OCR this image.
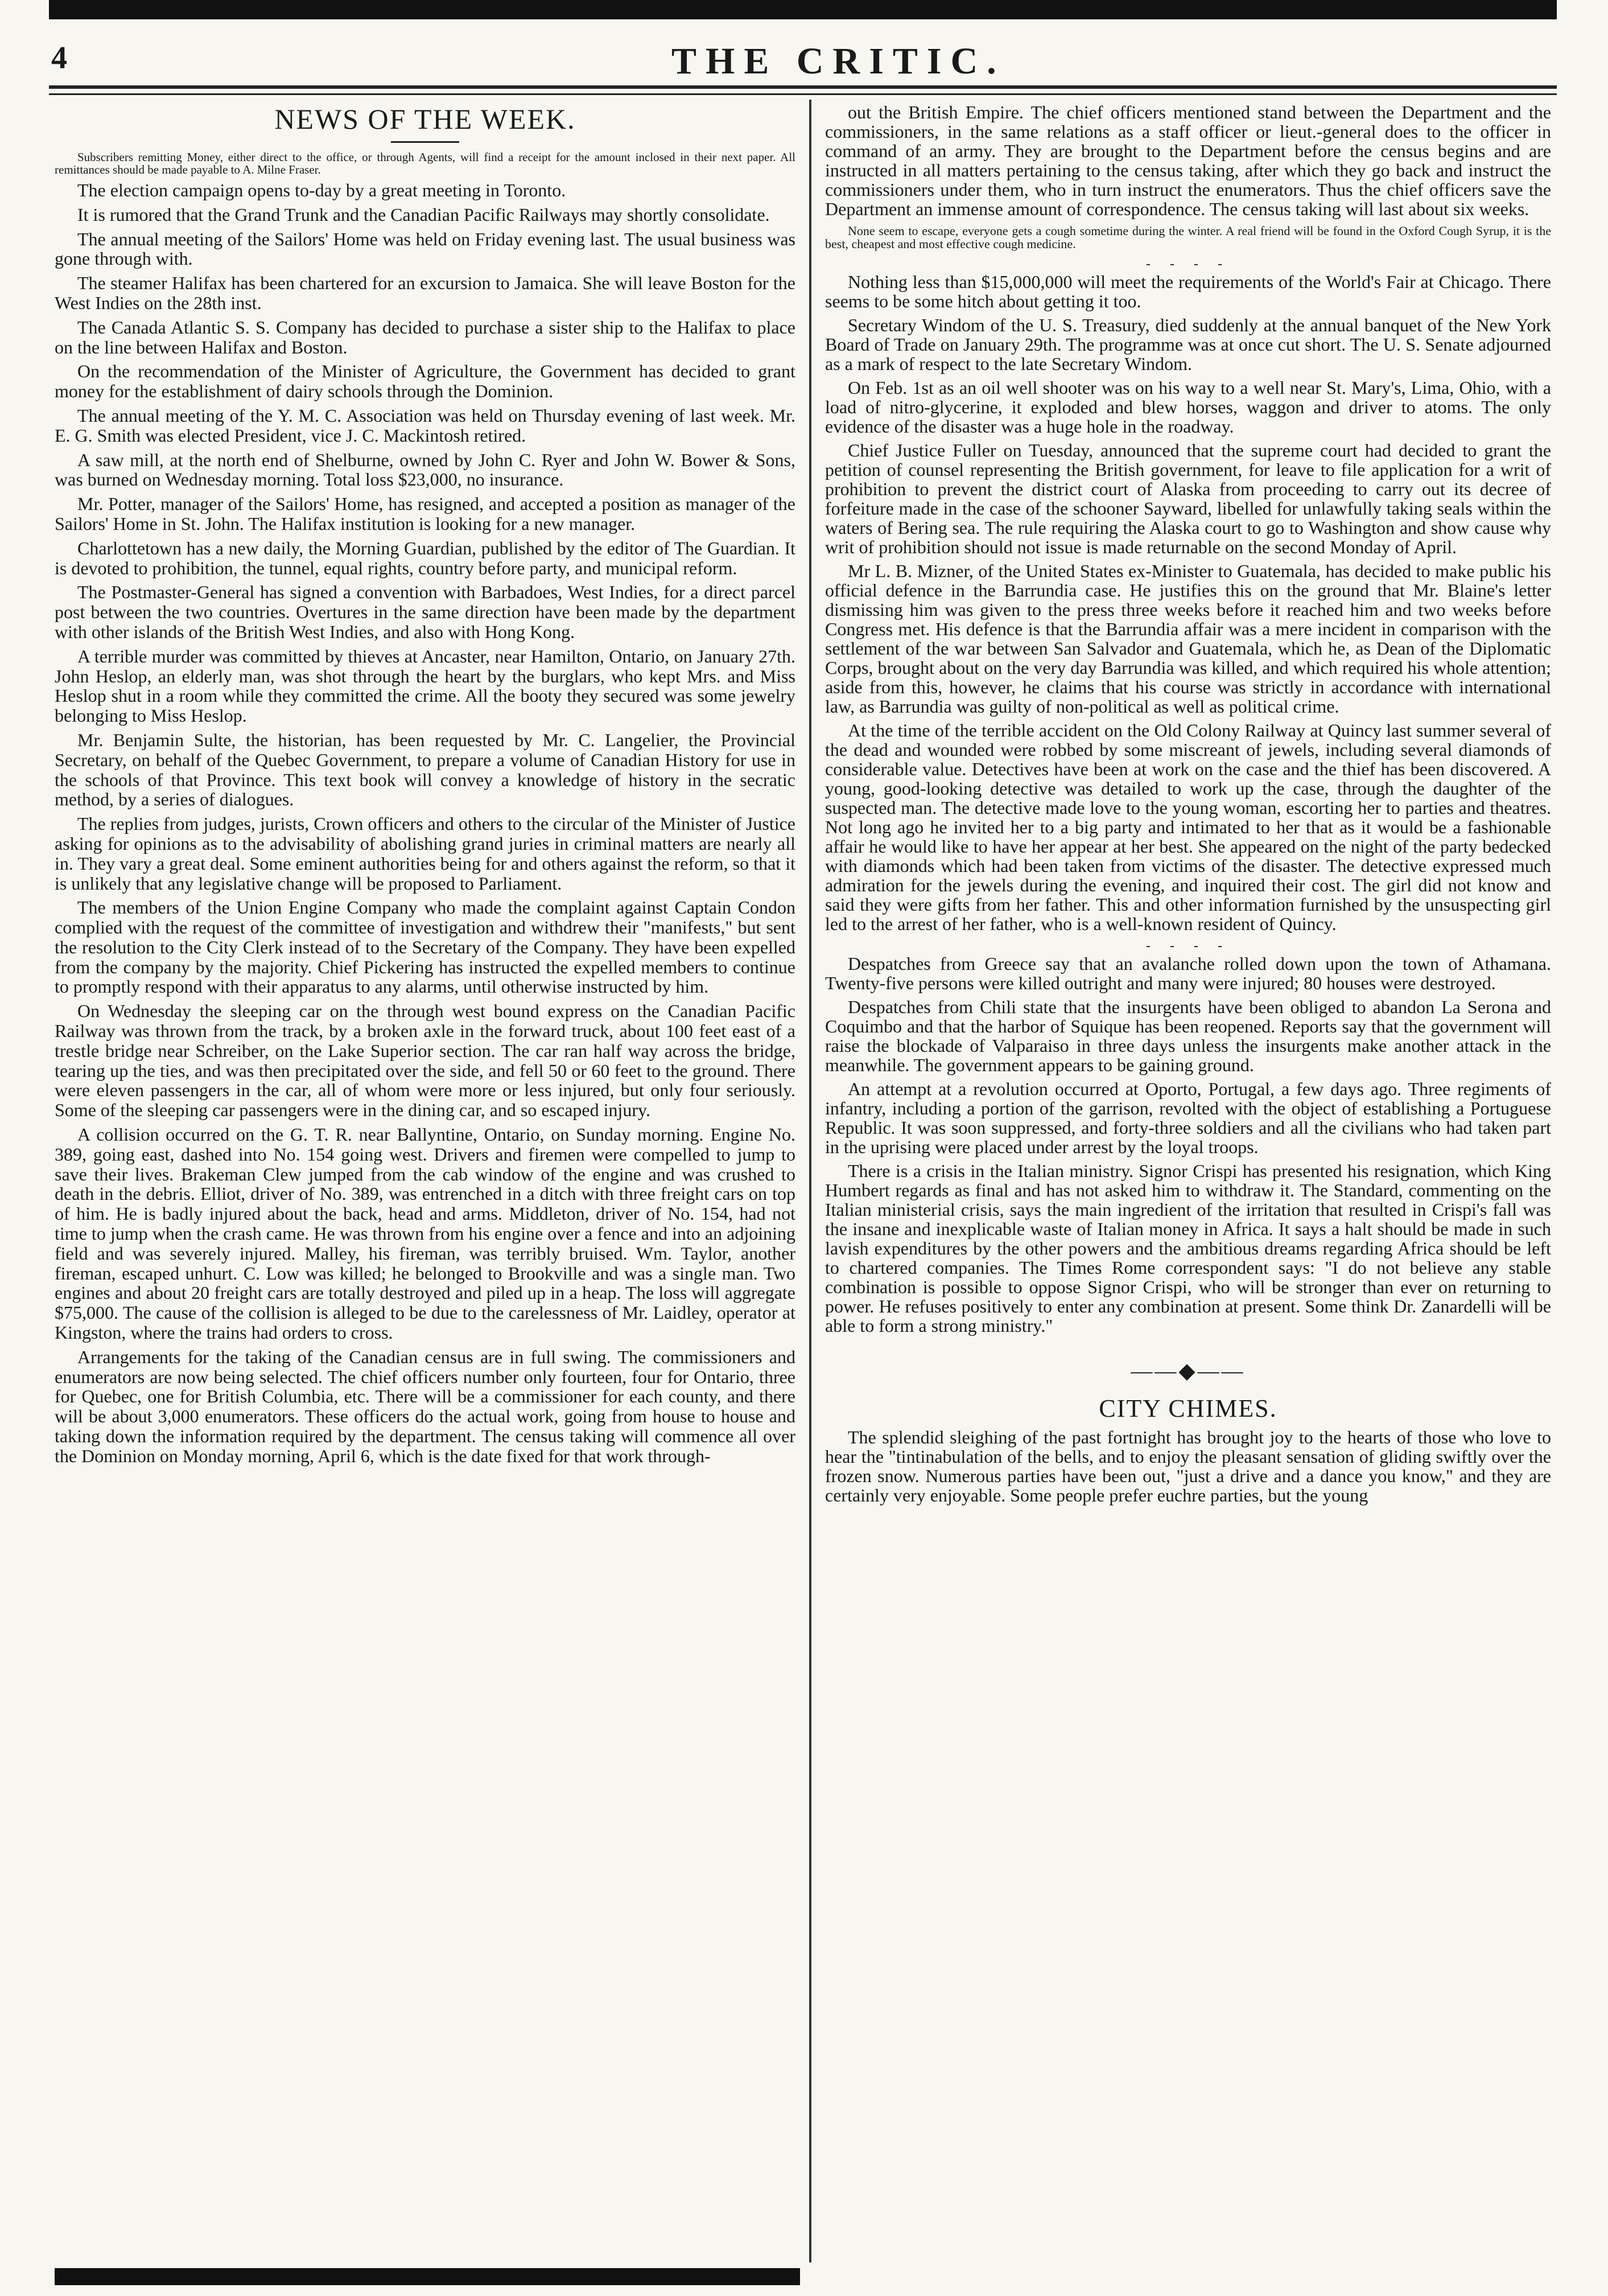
4	THE CRITIC.
NEWS OF THE WEEK.

Subscribers remitting Money, either direct to the office, or through Agents, will find a receipt for the amount inclosed in their next paper. All remittances should be made payable to A. Milne Fraser.

The election campaign opens to-day by a great meeting in Toronto.

It is rumored that the Grand Trunk and the Canadian Pacific Railways may shortly consolidate.

The annual meeting of the Sailors' Home was held on Friday evening last. The usual business was gone through with.

The steamer Halifax has been chartered for an excursion to Jamaica. She will leave Boston for the West Indies on the 28th inst.

The Canada Atlantic S. S. Company has decided to purchase a sister ship to the Halifax to place on the line between Halifax and Boston.

On the recommendation of the Minister of Agriculture, the Government has decided to grant money for the establishment of dairy schools through the Dominion.

The annual meeting of the Y. M. C. Association was held on Thursday evening of last week. Mr. E. G. Smith was elected President, vice J. C. Mackintosh retired.

A saw mill, at the north end of Shelburne, owned by John C. Ryer and John W. Bower & Sons, was burned on Wednesday morning. Total loss $23,000, no insurance.

Mr. Potter, manager of the Sailors' Home, has resigned, and accepted a position as manager of the Sailors' Home in St. John. The Halifax institution is looking for a new manager.

Charlottetown has a new daily, the Morning Guardian, published by the editor of The Guardian. It is devoted to prohibition, the tunnel, equal rights, country before party, and municipal reform.

The Postmaster-General has signed a convention with Barbadoes, West Indies, for a direct parcel post between the two countries. Overtures in the same direction have been made by the department with other islands of the British West Indies, and also with Hong Kong.

A terrible murder was committed by thieves at Ancaster, near Hamilton, Ontario, on January 27th. John Heslop, an elderly man, was shot through the heart by the burglars, who kept Mrs. and Miss Heslop shut in a room while they committed the crime. All the booty they secured was some jewelry belonging to Miss Heslop.

Mr. Benjamin Sulte, the historian, has been requested by Mr. C. Langelier, the Provincial Secretary, on behalf of the Quebec Government, to prepare a volume of Canadian History for use in the schools of that Province. This text book will convey a knowledge of history in the secratic method, by a series of dialogues.

The replies from judges, jurists, Crown officers and others to the circular of the Minister of Justice asking for opinions as to the advisability of abolishing grand juries in criminal matters are nearly all in. They vary a great deal. Some eminent authorities being for and others against the reform, so that it is unlikely that any legislative change will be proposed to Parliament.

The members of the Union Engine Company who made the complaint against Captain Condon complied with the request of the committee of investigation and withdrew their "manifests," but sent the resolution to the City Clerk instead of to the Secretary of the Company. They have been expelled from the company by the majority. Chief Pickering has instructed the expelled members to continue to promptly respond with their apparatus to any alarms, until otherwise instructed by him.

On Wednesday the sleeping car on the through west bound express on the Canadian Pacific Railway was thrown from the track, by a broken axle in the forward truck, about 100 feet east of a trestle bridge near Schreiber, on the Lake Superior section. The car ran half way across the bridge, tearing up the ties, and was then precipitated over the side, and fell 50 or 60 feet to the ground. There were eleven passengers in the car, all of whom were more or less injured, but only four seriously. Some of the sleeping car passengers were in the dining car, and so escaped injury.

A collision occurred on the G. T. R. near Ballyntine, Ontario, on Sunday morning. Engine No. 389, going east, dashed into No. 154 going west. Drivers and firemen were compelled to jump to save their lives. Brakeman Clew jumped from the cab window of the engine and was crushed to death in the debris. Elliot, driver of No. 389, was entrenched in a ditch with three freight cars on top of him. He is badly injured about the back, head and arms. Middleton, driver of No. 154, had not time to jump when the crash came. He was thrown from his engine over a fence and into an adjoining field and was severely injured. Malley, his fireman, was terribly bruised. Wm. Taylor, another fireman, escaped unhurt. C. Low was killed; he belonged to Brookville and was a single man. Two engines and about 20 freight cars are totally destroyed and piled up in a heap. The loss will aggregate $75,000. The cause of the collision is alleged to be due to the carelessness of Mr. Laidley, operator at Kingston, where the trains had orders to cross.

Arrangements for the taking of the Canadian census are in full swing. The commissioners and enumerators are now being selected. The chief officers number only fourteen, four for Ontario, three for Quebec, one for British Columbia, etc. There will be a commissioner for each county, and there will be about 3,000 enumerators. These officers do the actual work, going from house to house and taking down the information required by the department. The census taking will commence all over the Dominion on Monday morning, April 6, which is the date fixed for that work through-

out the British Empire. The chief officers mentioned stand between the Department and the commissioners, in the same relations as a staff officer or lieut.-general does to the officer in command of an army. They are brought to the Department before the census begins and are instructed in all matters pertaining to the census taking, after which they go back and instruct the commissioners under them, who in turn instruct the enumerators. Thus the chief officers save the Department an immense amount of correspondence. The census taking will last about six weeks.

None seem to escape, everyone gets a cough sometime during the winter. A real friend will be found in the Oxford Cough Syrup, it is the best, cheapest and most effective cough medicine.

- - - -

Nothing less than $15,000,000 will meet the requirements of the World's Fair at Chicago. There seems to be some hitch about getting it too.

Secretary Windom of the U. S. Treasury, died suddenly at the annual banquet of the New York Board of Trade on January 29th. The programme was at once cut short. The U. S. Senate adjourned as a mark of respect to the late Secretary Windom.

On Feb. 1st as an oil well shooter was on his way to a well near St. Mary's, Lima, Ohio, with a load of nitro-glycerine, it exploded and blew horses, waggon and driver to atoms. The only evidence of the disaster was a huge hole in the roadway.

Chief Justice Fuller on Tuesday, announced that the supreme court had decided to grant the petition of counsel representing the British government, for leave to file application for a writ of prohibition to prevent the district court of Alaska from proceeding to carry out its decree of forfeiture made in the case of the schooner Sayward, libelled for unlawfully taking seals within the waters of Bering sea. The rule requiring the Alaska court to go to Washington and show cause why writ of prohibition should not issue is made returnable on the second Monday of April.

Mr L. B. Mizner, of the United States ex-Minister to Guatemala, has decided to make public his official defence in the Barrundia case. He justifies this on the ground that Mr. Blaine's letter dismissing him was given to the press three weeks before it reached him and two weeks before Congress met. His defence is that the Barrundia affair was a mere incident in comparison with the settlement of the war between San Salvador and Guatemala, which he, as Dean of the Diplomatic Corps, brought about on the very day Barrundia was killed, and which required his whole attention; aside from this, however, he claims that his course was strictly in accordance with international law, as Barrundia was guilty of non-political as well as political crime.

At the time of the terrible accident on the Old Colony Railway at Quincy last summer several of the dead and wounded were robbed by some miscreant of jewels, including several diamonds of considerable value. Detectives have been at work on the case and the thief has been discovered. A young, good-looking detective was detailed to work up the case, through the daughter of the suspected man. The detective made love to the young woman, escorting her to parties and theatres. Not long ago he invited her to a big party and intimated to her that as it would be a fashionable affair he would like to have her appear at her best. She appeared on the night of the party bedecked with diamonds which had been taken from victims of the disaster. The detective expressed much admiration for the jewels during the evening, and inquired their cost. The girl did not know and said they were gifts from her father. This and other information furnished by the unsuspecting girl led to the arrest of her father, who is a well-known resident of Quincy.

- - - -

Despatches from Greece say that an avalanche rolled down upon the town of Athamana. Twenty-five persons were killed outright and many were injured; 80 houses were destroyed.

Despatches from Chili state that the insurgents have been obliged to abandon La Serona and Coquimbo and that the harbor of Squique has been reopened. Reports say that the government will raise the blockade of Valparaiso in three days unless the insurgents make another attack in the meanwhile. The government appears to be gaining ground.

An attempt at a revolution occurred at Oporto, Portugal, a few days ago. Three regiments of infantry, including a portion of the garrison, revolted with the object of establishing a Portuguese Republic. It was soon suppressed, and forty-three soldiers and all the civilians who had taken part in the uprising were placed under arrest by the loyal troops.

There is a crisis in the Italian ministry. Signor Crispi has presented his resignation, which King Humbert regards as final and has not asked him to withdraw it. The Standard, commenting on the Italian ministerial crisis, says the main ingredient of the irritation that resulted in Crispi's fall was the insane and inexplicable waste of Italian money in Africa. It says a halt should be made in such lavish expenditures by the other powers and the ambitious dreams regarding Africa should be left to chartered companies. The Times Rome correspondent says: "I do not believe any stable combination is possible to oppose Signor Crispi, who will be stronger than ever on returning to power. He refuses positively to enter any combination at present. Some think Dr. Zanardelli will be able to form a strong ministry."

——◆——
CITY CHIMES.

The splendid sleighing of the past fortnight has brought joy to the hearts of those who love to hear the "tintinabulation of the bells, and to enjoy the pleasant sensation of gliding swiftly over the frozen snow. Numerous parties have been out, "just a drive and a dance you know," and they are certainly very enjoyable. Some people prefer euchre parties, but the young
